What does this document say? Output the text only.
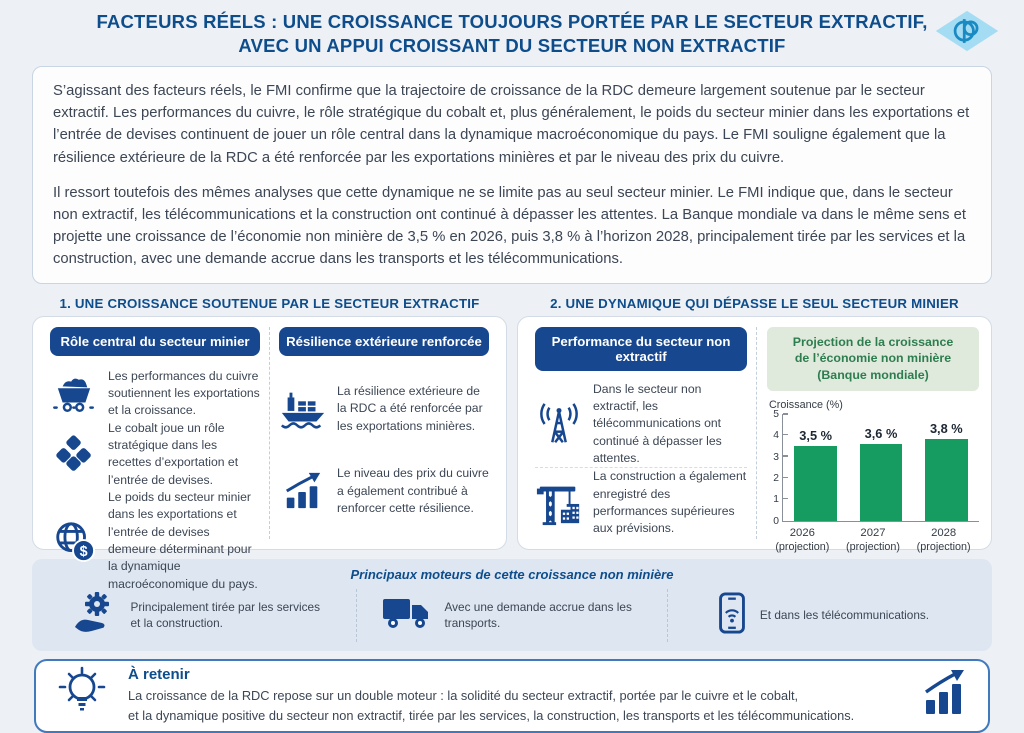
FACTEURS RÉELS : UNE CROISSANCE TOUJOURS PORTÉE PAR LE SECTEUR EXTRACTIF,
AVEC UN APPUI CROISSANT DU SECTEUR NON EXTRACTIF

S’agissant des facteurs réels, le FMI confirme que la trajectoire de croissance de la RDC demeure largement soutenue par le secteur extractif. Les performances du cuivre, le rôle stratégique du cobalt et, plus généralement, le poids du secteur minier dans les exportations et l’entrée de devises continuent de jouer un rôle central dans la dynamique macroéconomique du pays. Le FMI souligne également que la résilience extérieure de la RDC a été renforcée par les exportations minières et par le niveau des prix du cuivre.

Il ressort toutefois des mêmes analyses que cette dynamique ne se limite pas au seul secteur minier. Le FMI indique que, dans le secteur non extractif, les télécommunications et la construction ont continué à dépasser les attentes. La Banque mondiale va dans le même sens et projette une croissance de l’économie non minière de 3,5 % en 2026, puis 3,8 % à l’horizon 2028, principalement tirée par les services et la construction, avec une demande accrue dans les transports et les télécommunications.

1. UNE CROISSANCE SOUTENUE PAR LE SECTEUR EXTRACTIF
Rôle central du secteur minier
Les performances du cuivre soutiennent les exportations et la croissance.
Le cobalt joue un rôle stratégique dans les recettes d’exportation et l’entrée de devises.
$
Le poids du secteur minier dans les exportations et l’entrée de devises demeure déterminant pour la dynamique macroéconomique du pays.
Résilience extérieure renforcée
La résilience extérieure de la RDC a été renforcée par les exportations minières.
Le niveau des prix du cuivre a également contribué à renforcer cette résilience.
2. UNE DYNAMIQUE QUI DÉPASSE LE SEUL SECTEUR MINIER
Performance du secteur non extractif
Dans le secteur non extractif, les télécommunications ont continué à dépasser les attentes.
La construction a également enregistré des performances supérieures aux prévisions.
Projection de la croissance
de l’économie non minière
(Banque mondiale)
Croissance (%)
5
4
3
2
1
0
3,5 %	3,6 %	3,8 %
2026
(projection)
2027
(projection)
2028
(projection)
Principaux moteurs de cette croissance non minière
Principalement tirée par les services et la construction.
Avec une demande accrue dans les transports.
Et dans les télécommunications.
À retenir
La croissance de la RDC repose sur un double moteur : la solidité du secteur extractif, portée par le cuivre et le cobalt,
et la dynamique positive du secteur non extractif, tirée par les services, la construction, les transports et les télécommunications.
